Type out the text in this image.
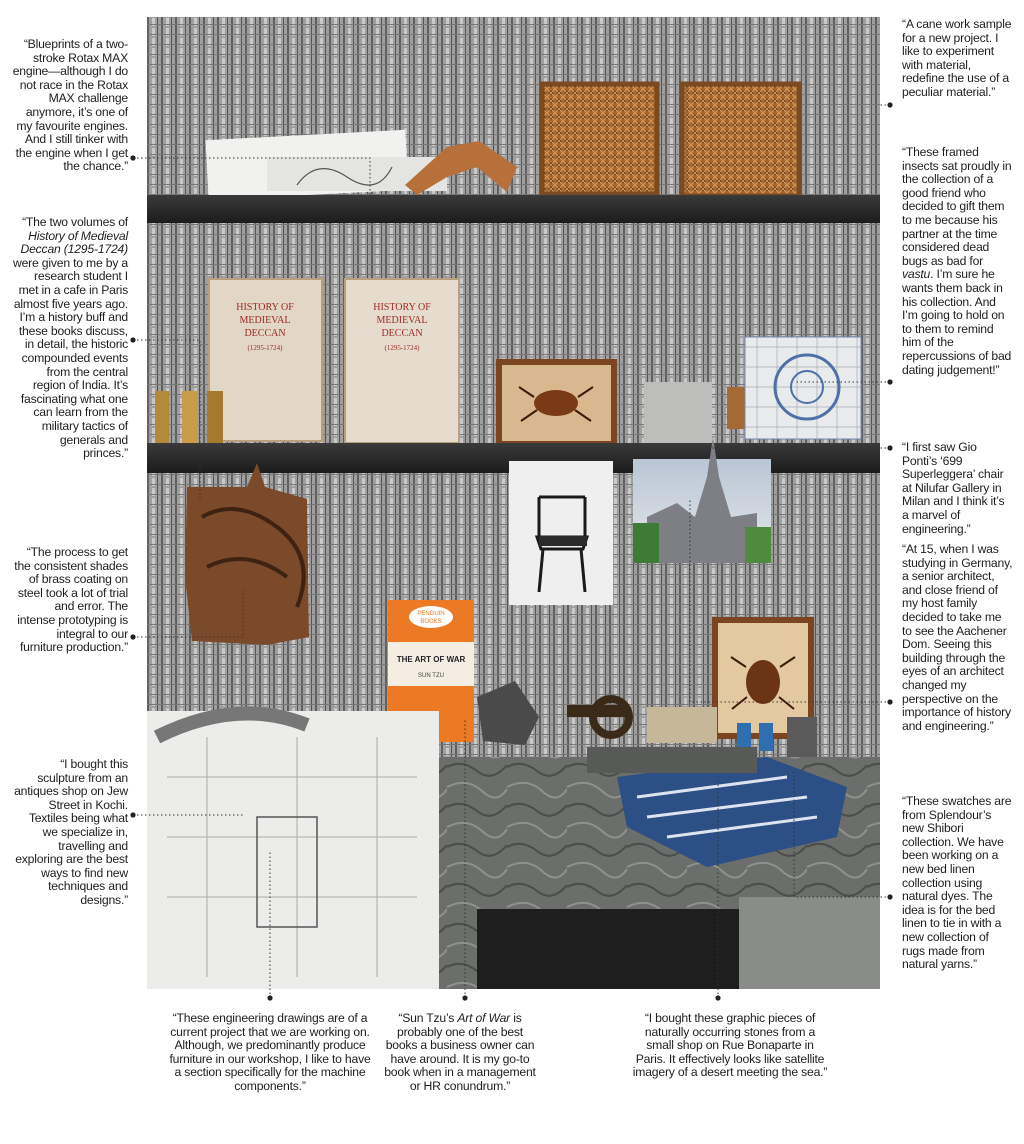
“Blueprints of a two-stroke Rotax MAX engine—although I do not race in the Rotax MAX challenge anymore, it’s one of my favourite engines. And I still tinker with the engine when I get the chance.”

“The two volumes of History of Medieval Deccan (1295-1724) were given to me by a research student I met in a cafe in Paris almost five years ago. I’m a history buff and these books discuss, in detail, the historic compounded events from the central region of India. It’s fascinating what one can learn from the military tactics of generals and princes.”

“The process to get the consistent shades of brass coating on steel took a lot of trial and error. The intense prototyping is integral to our furniture production.”

“I bought this sculpture from an antiques shop on Jew Street in Kochi. Textiles being what we specialize in, travelling and exploring are the best ways to find new techniques and designs.”

“A cane work sample for a new project. I like to experiment with material, redefine the use of a peculiar material.”

“These framed insects sat proudly in the collection of a good friend who decided to gift them to me because his partner at the time considered dead bugs as bad for vastu. I’m sure he wants them back in his collection. And I’m going to hold on to them to remind him of the repercussions of bad dating judgement!”

“I first saw Gio Ponti’s ‘699 Superleggera’ chair at Nilufar Gallery in Milan and I think it’s a marvel of engineering.”

“At 15, when I was studying in Germany, a senior architect, and close friend of my host family decided to take me to see the Aachener Dom. Seeing this building through the eyes of an architect changed my perspective on the importance of history and engineering.”

“These swatches are from Splendour’s new Shibori collection. We have been working on a new bed linen collection using natural dyes. The idea is for the bed linen to tie in with a new collection of rugs made from natural yarns.”

“These engineering drawings are of a current project that we are working on. Although, we predominantly produce furniture in our workshop, I like to have a section specifically for the machine components.”

“Sun Tzu’s Art of War is probably one of the best books a business owner can have around. It is my go-to book when in a management or HR conundrum.”

“I bought these graphic pieces of naturally occurring stones from a small shop on Rue Bonaparte in Paris. It effectively looks like satellite imagery of a desert meeting the sea.”

HISTORY OF
MEDIEVAL
DECCAN
(1295-1724)
HISTORY OF
MEDIEVAL
DECCAN
(1295-1724)
PENGUIN
BOOKS
THE ART OF WAR
SUN TZU
